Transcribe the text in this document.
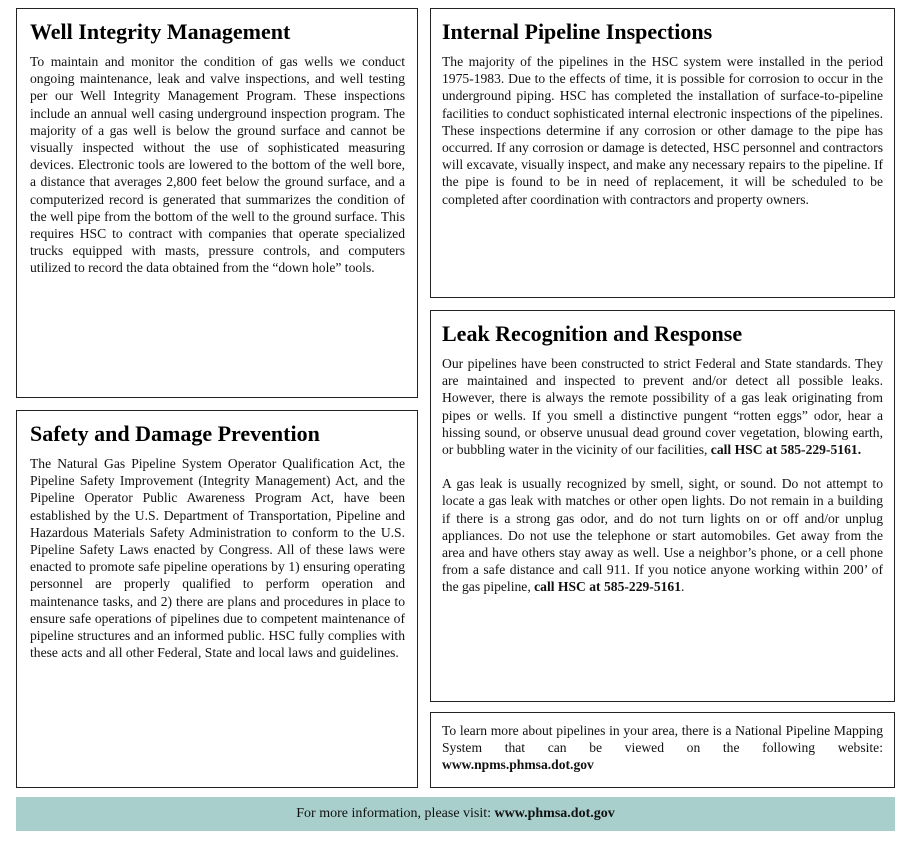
Well Integrity Management

To maintain and monitor the condition of gas wells we conduct ongoing maintenance, leak and valve inspections, and well testing per our Well Integrity Management Program. These inspections include an annual well casing underground inspection program. The majority of a gas well is below the ground surface and cannot be visually inspected without the use of sophisticated measuring devices. Electronic tools are lowered to the bottom of the well bore, a distance that averages 2,800 feet below the ground surface, and a computerized record is generated that summarizes the condition of the well pipe from the bottom of the well to the ground surface. This requires HSC to contract with companies that operate specialized trucks equipped with masts, pressure controls, and computers utilized to record the data obtained from the “down hole” tools.

Safety and Damage Prevention

The Natural Gas Pipeline System Operator Qualification Act, the Pipeline Safety Improvement (Integrity Management) Act, and the Pipeline Operator Public Awareness Program Act, have been established by the U.S. Department of Transportation, Pipeline and Hazardous Materials Safety Administration to conform to the U.S. Pipeline Safety Laws enacted by Congress. All of these laws were enacted to promote safe pipeline operations by 1) ensuring operating personnel are properly qualified to perform operation and maintenance tasks, and 2) there are plans and procedures in place to ensure safe operations of pipelines due to competent maintenance of pipeline structures and an informed public. HSC fully complies with these acts and all other Federal, State and local laws and guidelines.

Internal Pipeline Inspections

The majority of the pipelines in the HSC system were installed in the period 1975-1983. Due to the effects of time, it is possible for corrosion to occur in the underground piping. HSC has completed the installation of surface-to-pipeline facilities to conduct sophisticated internal electronic inspections of the pipelines. These inspections determine if any corrosion or other damage to the pipe has occurred. If any corrosion or damage is detected, HSC personnel and contractors will excavate, visually inspect, and make any necessary repairs to the pipeline. If the pipe is found to be in need of replacement, it will be scheduled to be completed after coordination with contractors and property owners.

Leak Recognition and Response

Our pipelines have been constructed to strict Federal and State standards. They are maintained and inspected to prevent and/or detect all possible leaks. However, there is always the remote possibility of a gas leak originating from pipes or wells. If you smell a distinctive pungent “rotten eggs” odor, hear a hissing sound, or observe unusual dead ground cover vegetation, blowing earth, or bubbling water in the vicinity of our facilities, call HSC at 585-229-5161.

A gas leak is usually recognized by smell, sight, or sound. Do not attempt to locate a gas leak with matches or other open lights. Do not remain in a building if there is a strong gas odor, and do not turn lights on or off and/or unplug appliances. Do not use the telephone or start automobiles. Get away from the area and have others stay away as well. Use a neighbor’s phone, or a cell phone from a safe distance and call 911. If you notice anyone working within 200’ of the gas pipeline, call HSC at 585-229-5161.

To learn more about pipelines in your area, there is a National Pipeline Mapping System that can be viewed on the following website: www.npms.phmsa.dot.gov

For more information, please visit:
www.phmsa.dot.gov
